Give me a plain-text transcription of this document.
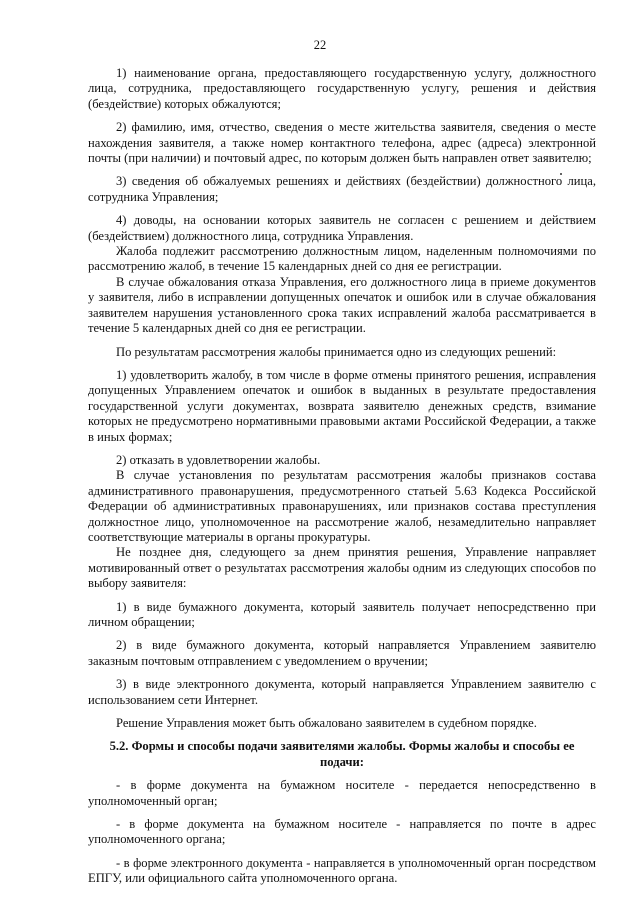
22

1) наименование органа, предоставляющего государственную услугу, должностного лица, сотрудника, предоставляющего государственную услугу, решения и действия (бездействие) которых обжалуются;

2) фамилию, имя, отчество, сведения о месте жительства заявителя, сведения о месте нахождения заявителя, а также номер контактного телефона, адрес (адреса) электронной почты (при наличии) и почтовый адрес, по которым должен быть направлен ответ заявителю;

3) сведения об обжалуемых решениях и действиях (бездействии) должностного лица, сотрудника Управления;

4) доводы, на основании которых заявитель не согласен с решением и действием (бездействием) должностного лица, сотрудника Управления.

Жалоба подлежит рассмотрению должностным лицом, наделенным полномочиями по рассмотрению жалоб, в течение 15 календарных дней со дня ее регистрации.

В случае обжалования отказа Управления, его должностного лица в приеме документов у заявителя, либо в исправлении допущенных опечаток и ошибок или в случае обжалования заявителем нарушения установленного срока таких исправлений жалоба рассматривается в течение 5 календарных дней со дня ее регистрации.

По результатам рассмотрения жалобы принимается одно из следующих решений:

1) удовлетворить жалобу, в том числе в форме отмены принятого решения, исправления допущенных Управлением опечаток и ошибок в выданных в результате предоставления государственной услуги документах, возврата заявителю денежных средств, взимание которых не предусмотрено нормативными правовыми актами Российской Федерации, а также в иных формах;

2) отказать в удовлетворении жалобы.

В случае установления по результатам рассмотрения жалобы признаков состава административного правонарушения, предусмотренного статьей 5.63 Кодекса Российской Федерации об административных правонарушениях, или признаков состава преступления должностное лицо, уполномоченное на рассмотрение жалоб, незамедлительно направляет соответствующие материалы в органы прокуратуры.

Не позднее дня, следующего за днем принятия решения, Управление направляет мотивированный ответ о результатах рассмотрения жалобы одним из следующих способов по выбору заявителя:

1) в виде бумажного документа, который заявитель получает непосредственно при личном обращении;

2) в виде бумажного документа, который направляется Управлением заявителю заказным почтовым отправлением с уведомлением о вручении;

3) в виде электронного документа, который направляется Управлением заявителю с использованием сети Интернет.

Решение Управления может быть обжаловано заявителем в судебном порядке.

5.2. Формы и способы подачи заявителями жалобы. Формы жалобы и способы ее подачи:

- в форме документа на бумажном носителе - передается непосредственно в уполномоченный орган;

- в форме документа на бумажном носителе - направляется по почте в адрес уполномоченного органа;

- в форме электронного документа - направляется в уполномоченный орган посредством ЕПГУ, или официального сайта уполномоченного органа.
